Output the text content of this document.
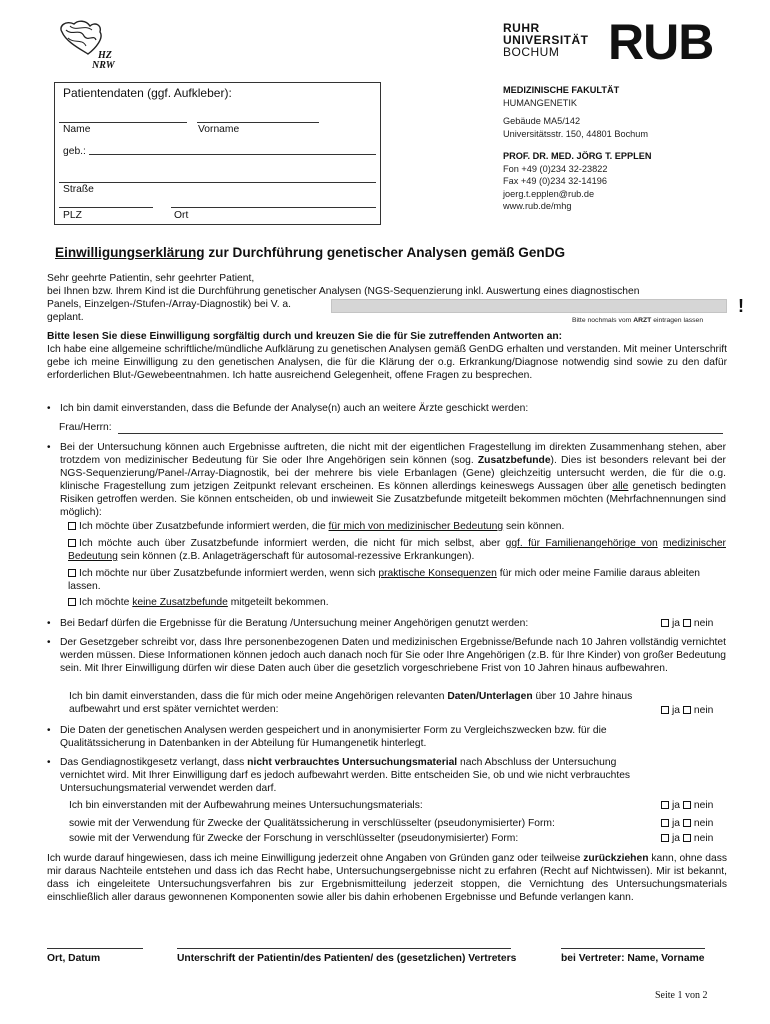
HZ
NRW
RUHR
UNIVERSITÄT
BOCHUM RUB
Patientendaten (ggf. Aufkleber):
Name	Vorname
geb.:
Straße
PLZ	Ort
MEDIZINISCHE FAKULTÄT
HUMANGENETIK
Gebäude MA5/142
Universitätsstr. 150, 44801 Bochum
PROF. DR. MED. JÖRG T. EPPLEN
Fon +49 (0)234 32-23822
Fax +49 (0)234 32-14196
joerg.t.epplen@rub.de
www.rub.de/mhg
Einwilligungserklärung zur Durchführung genetischer Analysen gemäß GenDG
Sehr geehrte Patientin, sehr geehrter Patient,
bei Ihnen bzw. Ihrem Kind ist die Durchführung genetischer Analysen (NGS-Sequenzierung inkl. Auswertung eines diagnostischen
Panels, Einzelgen-/Stufen-/Array-Diagnostik) bei V. a.
geplant.	Bitte nochmals vom ARZT eintragen lassen
!
Bitte lesen Sie diese Einwilligung sorgfältig durch und kreuzen Sie die für Sie zutreffenden Antworten an:
Ich habe eine allgemeine schriftliche/mündliche Aufklärung zu genetischen Analysen gemäß GenDG erhalten und verstanden. Mit meiner Unterschrift gebe ich meine Einwilligung zu den genetischen Analysen, die für die Klärung der o.g. Erkrankung/Diagnose notwendig sind sowie zu den dafür erforderlichen Blut-/Gewebeentnahmen. Ich hatte ausreichend Gelegenheit, offene Fragen zu besprechen.
• Ich bin damit einverstanden, dass die Befunde der Analyse(n) auch an weitere Ärzte geschickt werden:
Frau/Herrn:
• Bei der Untersuchung können auch Ergebnisse auftreten, die nicht mit der eigentlichen Fragestellung im direkten Zusammenhang stehen, aber trotzdem von medizinischer Bedeutung für Sie oder Ihre Angehörigen sein können (sog. Zusatzbefunde). Dies ist besonders relevant bei der NGS-Sequenzierung/Panel-/Array-Diagnostik, bei der mehrere bis viele Erbanlagen (Gene) gleichzeitig untersucht werden, die für die o.g. klinische Fragestellung zum jetzigen Zeitpunkt relevant erscheinen. Es können allerdings keineswegs Aussagen über alle genetisch bedingten Risiken getroffen werden. Sie können entscheiden, ob und inwieweit Sie Zusatzbefunde mitgeteilt bekommen möchten (Mehrfachnennungen sind möglich):
Ich möchte über Zusatzbefunde informiert werden, die für mich von medizinischer Bedeutung sein können.
Ich möchte auch über Zusatzbefunde informiert werden, die nicht für mich selbst, aber ggf. für Familienangehörige von medizinischer Bedeutung sein können (z.B. Anlageträgerschaft für autosomal-rezessive Erkrankungen).
Ich möchte nur über Zusatzbefunde informiert werden, wenn sich praktische Konsequenzen für mich oder meine Familie daraus ableiten lassen.
Ich möchte keine Zusatzbefunde mitgeteilt bekommen.
• Bei Bedarf dürfen die Ergebnisse für die Beratung /Untersuchung meiner Angehörigen genutzt werden:	ja nein
• Der Gesetzgeber schreibt vor, dass Ihre personenbezogenen Daten und medizinischen Ergebnisse/Befunde nach 10 Jahren vollständig vernichtet werden müssen. Diese Informationen können jedoch auch danach noch für Sie oder Ihre Angehörigen (z.B. für Ihre Kinder) von großer Bedeutung sein. Mit Ihrer Einwilligung dürfen wir diese Daten auch über die gesetzlich vorgeschriebene Frist von 10 Jahren hinaus aufbewahren.
Ich bin damit einverstanden, dass die für mich oder meine Angehörigen relevanten Daten/Unterlagen über 10 Jahre hinaus aufbewahrt und erst später vernichtet werden:	ja nein
• Die Daten der genetischen Analysen werden gespeichert und in anonymisierter Form zu Vergleichszwecken bzw. für die Qualitätssicherung in Datenbanken in der Abteilung für Humangenetik hinterlegt.
• Das Gendiagnostikgesetz verlangt, dass nicht verbrauchtes Untersuchungsmaterial nach Abschluss der Untersuchung vernichtet wird. Mit Ihrer Einwilligung darf es jedoch aufbewahrt werden. Bitte entscheiden Sie, ob und wie nicht verbrauchtes Untersuchungsmaterial verwendet werden darf.
Ich bin einverstanden mit der Aufbewahrung meines Untersuchungsmaterials:	ja nein
sowie mit der Verwendung für Zwecke der Qualitätssicherung in verschlüsselter (pseudonymisierter) Form:	ja nein
sowie mit der Verwendung für Zwecke der Forschung in verschlüsselter (pseudonymisierter) Form:	ja nein
Ich wurde darauf hingewiesen, dass ich meine Einwilligung jederzeit ohne Angaben von Gründen ganz oder teilweise zurückziehen kann, ohne dass mir daraus Nachteile entstehen und dass ich das Recht habe, Untersuchungsergebnisse nicht zu erfahren (Recht auf Nichtwissen). Mir ist bekannt, dass ich eingeleitete Untersuchungsverfahren bis zur Ergebnismitteilung jederzeit stoppen, die Vernichtung des Untersuchungsmaterials einschließlich aller daraus gewonnenen Komponenten sowie aller bis dahin erhobenen Ergebnisse und Befunde verlangen kann.
Ort, Datum	Unterschrift der Patientin/des Patienten/ des (gesetzlichen) Vertreters	bei Vertreter: Name, Vorname
Seite 1 von 2
